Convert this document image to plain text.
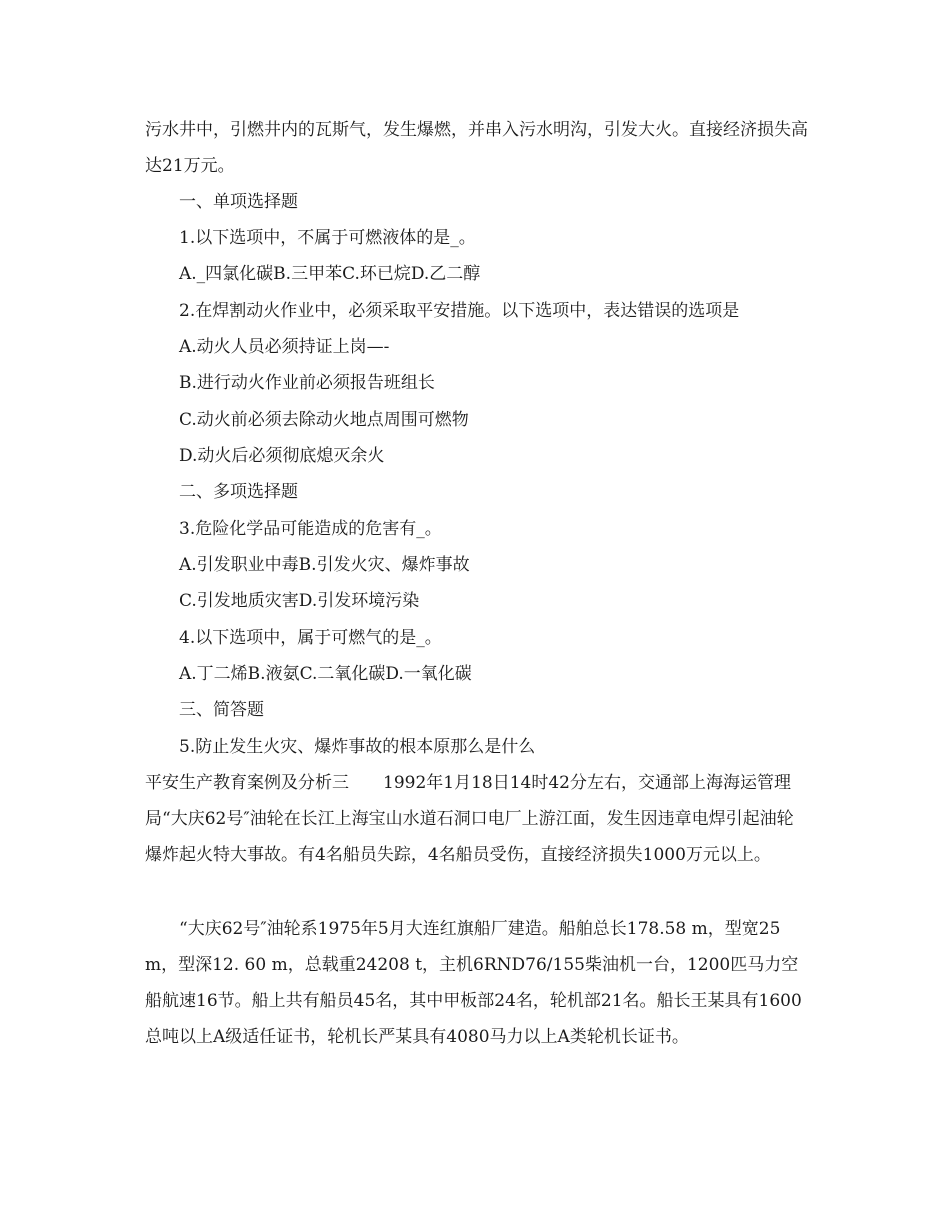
污水井中，引燃井内的瓦斯气，发生爆燃，并串入污水明沟，引发大火。直接经济损失高达21万元。

一、单项选择题

1.以下选项中，不属于可燃液体的是_。

A._四氯化碳B.三甲苯C.环已烷D.乙二醇

2.在焊割动火作业中，必须采取平安措施。以下选项中，表达错误的选项是

A.动火人员必须持证上岗—-

B.进行动火作业前必须报告班组长

C.动火前必须去除动火地点周围可燃物

D.动火后必须彻底熄灭余火

二、多项选择题

3.危险化学品可能造成的危害有_。

A.引发职业中毒B.引发火灾、爆炸事故

C.引发地质灾害D.引发环境污染

4.以下选项中，属于可燃气的是_。

A.丁二烯B.液氨C.二氧化碳D.一氧化碳

三、简答题

5.防止发生火灾、爆炸事故的根本原那么是什么

平安生产教育案例及分析三　　1992年1月18日14时42分左右，交通部上海海运管理局“大庆62号″油轮在长江上海宝山水道石洞口电厂上游江面，发生因违章电焊引起油轮爆炸起火特大事故。有4名船员失踪，4名船员受伤，直接经济损失1000万元以上。

“大庆62号″油轮系1975年5月大连红旗船厂建造。船舶总长178.58 m，型宽25 m，型深12. 60 m，总载重24208 t，主机6RND76/155柴油机一台，1200匹马力空船航速16节。船上共有船员45名，其中甲板部24名，轮机部21名。船长王某具有1600总吨以上A级适任证书，轮机长严某具有4080马力以上A类轮机长证书。
